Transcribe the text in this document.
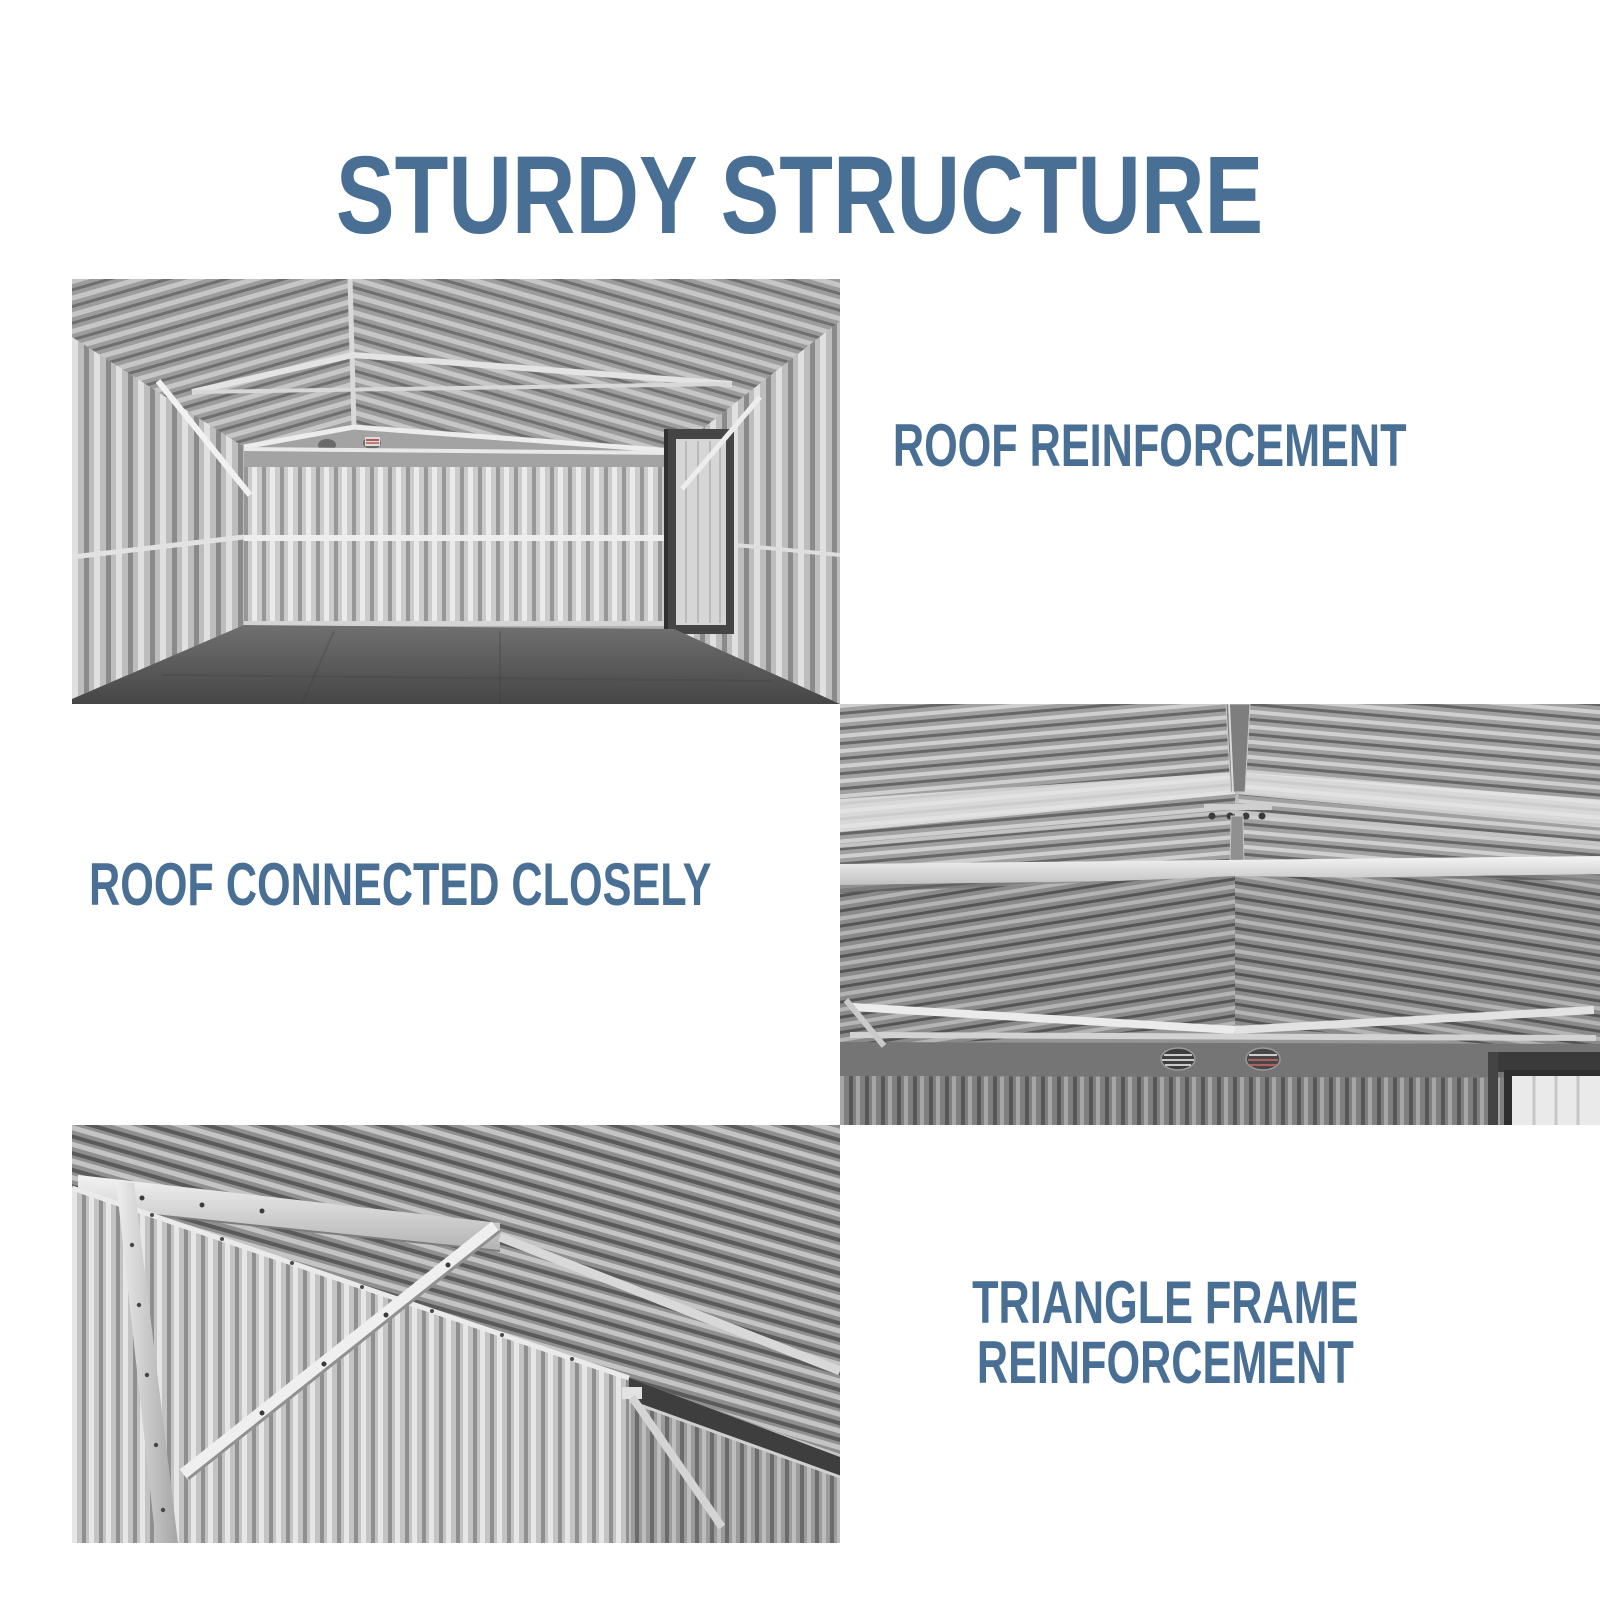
STURDY STRUCTURE
ROOF REINFORCEMENT
ROOF CONNECTED CLOSELY
TRIANGLE FRAME
REINFORCEMENT
